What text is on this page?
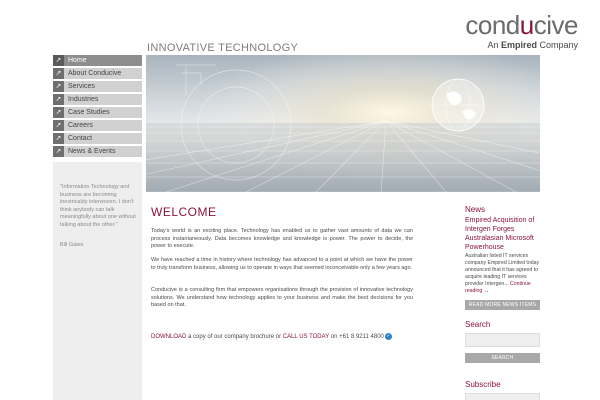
conducive
An Empired Company
INNOVATIVE TECHNOLOGY
➚ Home
➚ About Conducive
➚ Services
➚ Industries
➚ Case Studies
➚ Careers
➚ Contact
➚ News & Events
"Information Technology and business are becoming inextricably interwoven. I don't think anybody can talk meaningfully about one without talking about the other."
Bill Gates
WELCOME
Today's world is an exciting place. Technology has enabled us to gather vast amounts of data we can process instantaneously. Data becomes knowledge and knowledge is power. The power to decide, the power to execute.
We have reached a time in history where technology has advanced to a point at which we have the power to truly transform business, allowing us to operate in ways that seemed inconceivable only a few years ago.
Conducive is a consulting firm that empowers organisations through the provision of innovative technology solutions. We understand how technology applies to your business and make the best decisions for you based on that.
DOWNLOAD a copy of our company brochure or CALL US TODAY on +61 8 9211 4800 ✓
News
Empired Acquisition of Intergen Forges Australasian Microsoft Powerhouse
Australian listed IT services company Empired Limited today announced that it has agreed to acquire leading IT services provider Intergen... Continue reading →
READ MORE NEWS ITEMS
Search
SEARCH
Subscribe
